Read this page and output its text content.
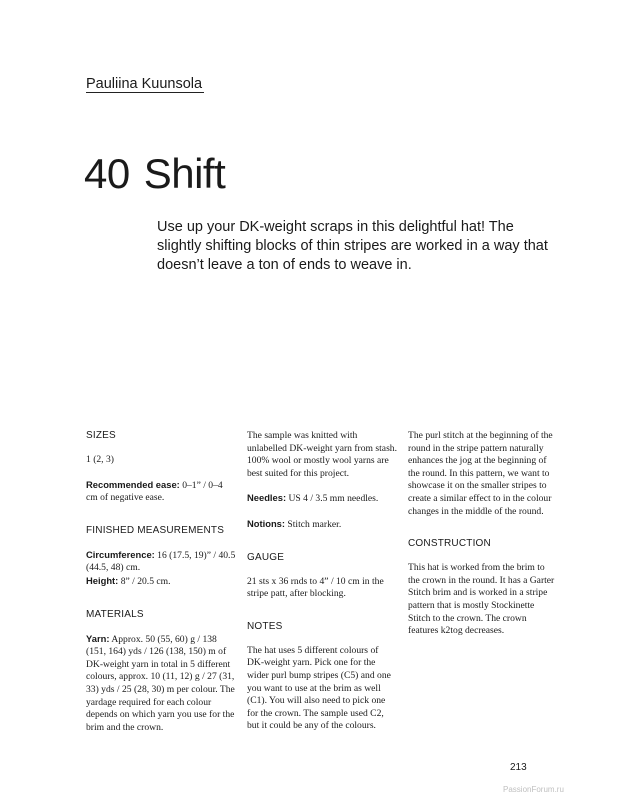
Pauliina Kuunsola
40 Shift
Use up your DK-weight scraps in this delightful hat! The slightly shifting blocks of thin stripes are worked in a way that doesn’t leave a ton of ends to weave in.
SIZES

1 (2, 3)

Recommended ease: 0–1” / 0–4 cm of negative ease.

FINISHED MEASUREMENTS
Circumference: 16 (17.5, 19)” / 40.5 (44.5, 48) cm.

Height: 8” / 20.5 cm.

MATERIALS

Yarn: Approx. 50 (55, 60) g / 138 (151, 164) yds / 126 (138, 150) m of DK-weight yarn in total in 5 different colours, approx. 10 (11, 12) g / 27 (31, 33) yds / 25 (28, 30) m per colour. The yardage required for each colour depends on which yarn you use for the brim and the crown.

The sample was knitted with unlabelled DK-weight yarn from stash. 100% wool or mostly wool yarns are best suited for this project.

Needles: US 4 / 3.5 mm needles.

Notions: Stitch marker.

GAUGE

21 sts x 36 rnds to 4” / 10 cm in the stripe patt, after blocking.

NOTES

The hat uses 5 different colours of DK-weight yarn. Pick one for the wider purl bump stripes (C5) and one you want to use at the brim as well (C1). You will also need to pick one for the crown. The sample used C2, but it could be any of the colours.

The purl stitch at the beginning of the round in the stripe pattern naturally enhances the jog at the beginning of the round. In this pattern, we want to showcase it on the smaller stripes to create a similar effect to in the colour changes in the middle of the round.

CONSTRUCTION

This hat is worked from the brim to the crown in the round. It has a Garter Stitch brim and is worked in a stripe pattern that is mostly Stockinette Stitch to the crown. The crown features k2tog decreases.

213
PassionForum.ru
